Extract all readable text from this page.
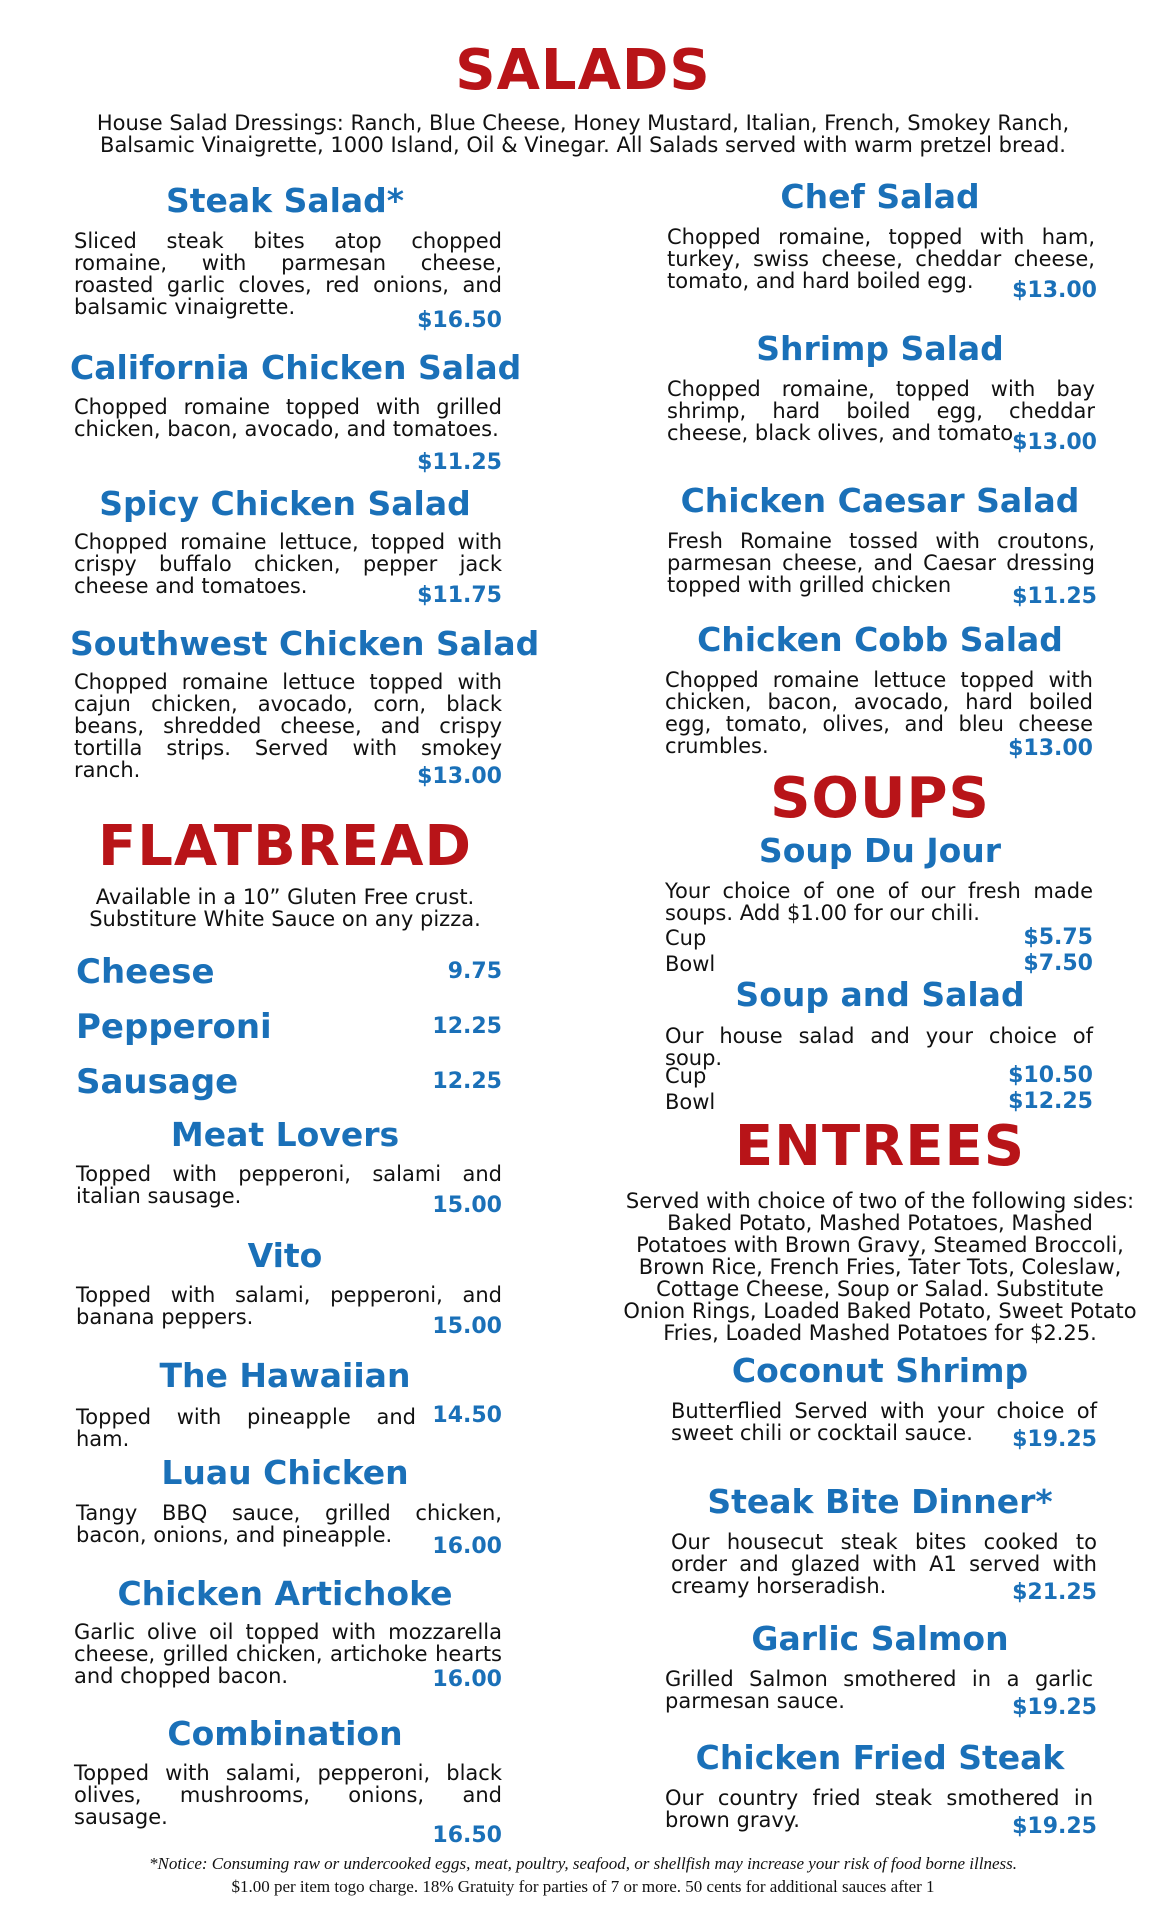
SALADS
House Salad Dressings: Ranch, Blue Cheese, Honey Mustard, Italian, French, Smokey Ranch,
Balsamic Vinaigrette, 1000 Island, Oil & Vinegar. All Salads served with warm pretzel bread.
Steak Salad*
Sliced steak bites atop chopped romaine, with parmesan cheese, roasted garlic cloves, red onions, and balsamic vinaigrette.
$16.50
California Chicken Salad
Chopped romaine topped with grilled chicken, bacon, avocado, and tomatoes.
$11.25
Spicy Chicken Salad
Chopped romaine lettuce, topped with crispy buffalo chicken, pepper jack cheese and tomatoes.	$11.75
Southwest Chicken Salad
Chopped romaine lettuce topped with cajun chicken, avocado, corn, black beans, shredded cheese, and crispy tortilla strips. Served with smokey ranch.	$13.00
FLATBREAD
Available in a 10” Gluten Free crust.
Substiture White Sauce on any pizza.
Cheese	9.75
Pepperoni	12.25
Sausage	12.25
Meat Lovers
Topped with pepperoni, salami and italian sausage.	15.00
Vito
Topped with salami, pepperoni, and banana peppers.	15.00
The Hawaiian
Topped with pineapple and ham.
14.50
Luau Chicken
Tangy BBQ sauce, grilled chicken, bacon, onions, and pineapple.	16.00
Chicken Artichoke
Garlic olive oil topped with mozzarella cheese, grilled chicken, artichoke hearts and chopped bacon.	16.00
Combination
Topped with salami, pepperoni, black olives, mushrooms, onions, and sausage.
16.50
Chef Salad
Chopped romaine, topped with ham, turkey, swiss cheese, cheddar cheese, tomato, and hard boiled egg.	$13.00
Shrimp Salad
Chopped romaine, topped with bay shrimp, hard boiled egg, cheddar cheese, black olives, and tomato.
$13.00
Chicken Caesar Salad
Fresh Romaine tossed with croutons, parmesan cheese, and Caesar dressing topped with grilled chicken	$11.25
Chicken Cobb Salad
Chopped romaine lettuce topped with chicken, bacon, avocado, hard boiled egg, tomato, olives, and bleu cheese crumbles.	$13.00
SOUPS
Soup Du Jour
Your choice of one of our fresh made soups. Add $1.00 for our chili.
Cup	$5.75
Bowl	$7.50
Soup and Salad
Our house salad and your choice of soup.
Cup	$10.50
Bowl	$12.25
ENTREES
Served with choice of two of the following sides: Baked Potato, Mashed Potatoes, Mashed Potatoes with Brown Gravy, Steamed Broccoli, Brown Rice, French Fries, Tater Tots, Coleslaw, Cottage Cheese, Soup or Salad. Substitute Onion Rings, Loaded Baked Potato, Sweet Potato Fries, Loaded Mashed Potatoes for $2.25.
Coconut Shrimp
Butterflied Served with your choice of sweet chili or cocktail sauce.	$19.25
Steak Bite Dinner*
Our housecut steak bites cooked to order and glazed with A1 served with creamy horseradish.	$21.25
Garlic Salmon
Grilled Salmon smothered in a garlic parmesan sauce.	$19.25
Chicken Fried Steak
Our country fried steak smothered in brown gravy.	$19.25
*Notice: Consuming raw or undercooked eggs, meat, poultry, seafood, or shellfish may increase your risk of food borne illness.
$1.00 per item togo charge. 18% Gratuity for parties of 7 or more. 50 cents for additional sauces after 1
